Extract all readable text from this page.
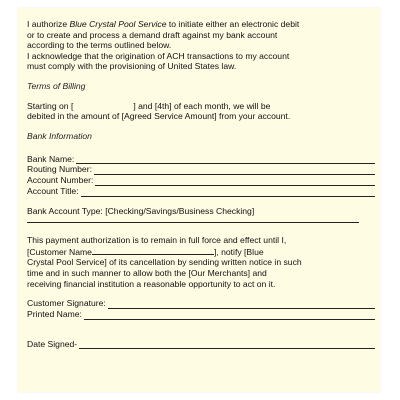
I authorize Blue Crystal Pool Service to initiate either an electronic debit

or to create and process a demand draft against my bank account

according to the terms outlined below.

I acknowledge that the origination of ACH transactions to my account

must comply with the provisioning of United States law.

Terms of Billing

Starting on [	] and [4th] of each month, we will be

debited in the amount of [Agreed Service Amount] from your account.

Bank Information

Bank Name:
Routing Number:
Account Number:
Account Title:

Bank Account Type: [Checking/Savings/Business Checking]

This payment authorization is to remain in full force and effect until I,

[Customer Name	], notify [Blue

Crystal Pool Service] of its cancellation by sending written notice in such

time and in such manner to allow both the [Our Merchants] and

receiving financial institution a reasonable opportunity to act on it.

Customer Signature:
Printed Name:
Date Signed-
